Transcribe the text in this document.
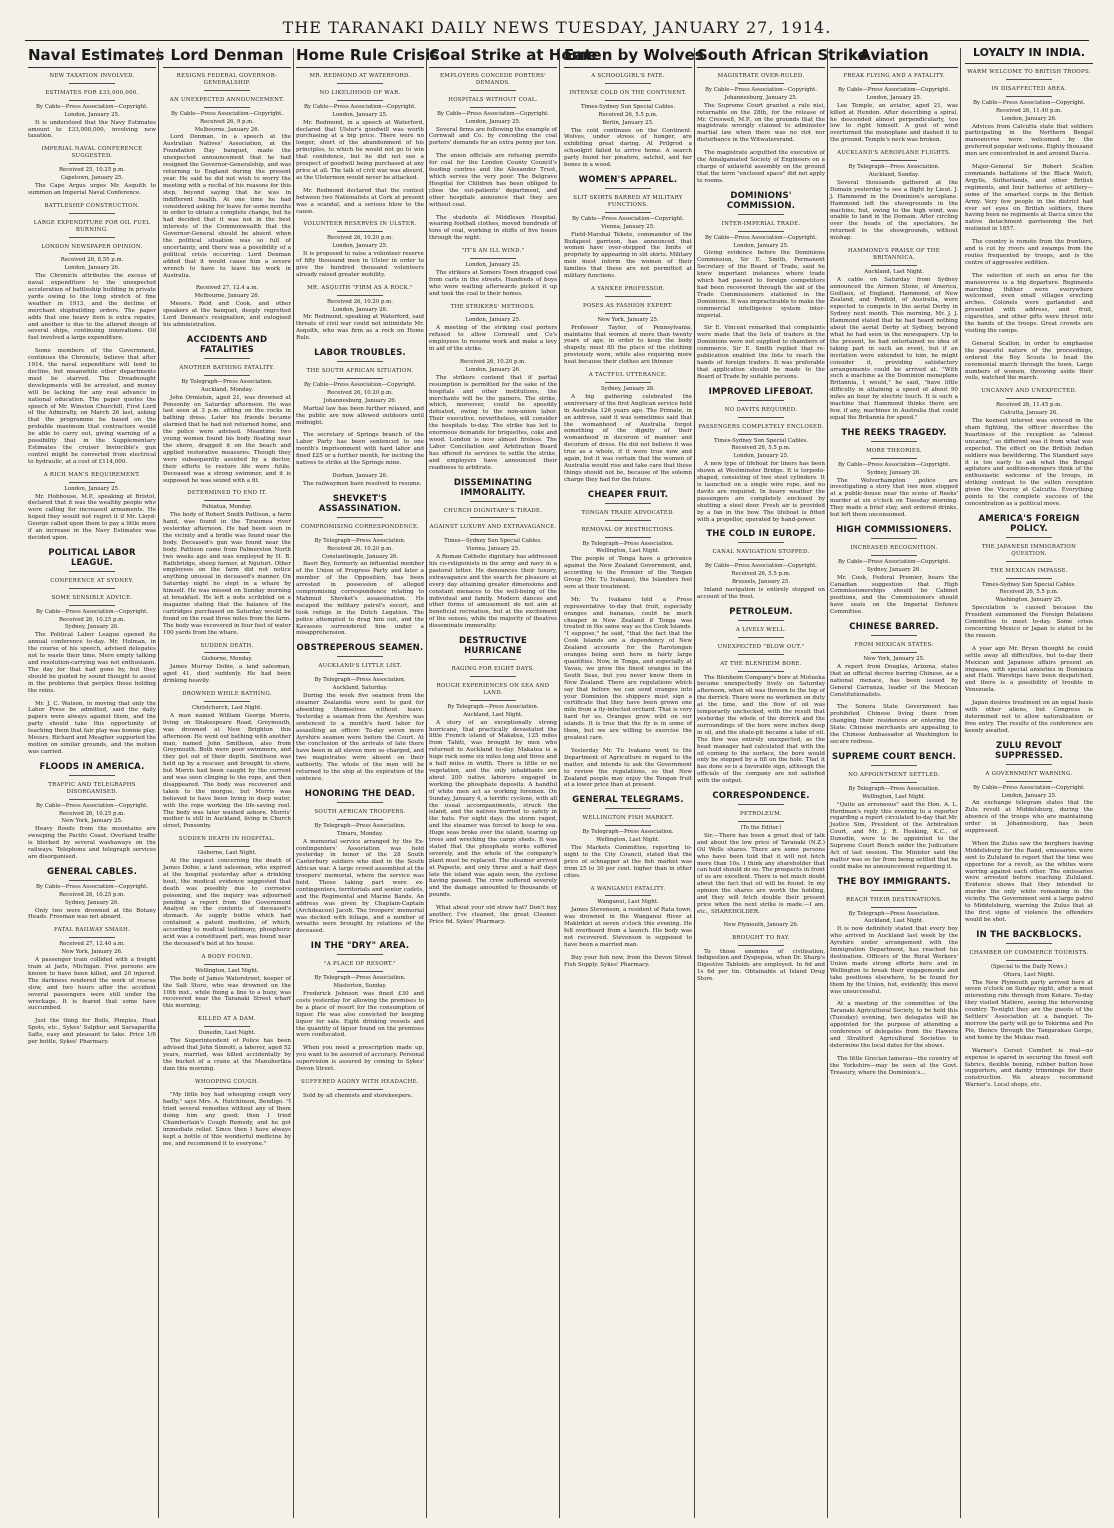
THE TARANAKI DAILY NEWS TUESDAY, JANUARY 27, 1914.
Naval Estimates
NEW TAXATION INVOLVED.
ESTIMATES FOR £33,000,000.
By Cable—Press Association—Copyright.
London, January 25.
It is understood that the Navy Estimates amount to £33,000,000, involving new taxation.
IMPERIAL NAVAL CONFERENCE SUGGESTED.
Received 25, 10.25 p.m.
Capetown, January 25.
The Cape Argus urges Mr. Asquith to summon an Imperial Naval Conference.
BATTLESHIP CONSTRUCTION.
LARGE EXPENDITURE FOR OIL FUEL BURNING.
LONDON NEWSPAPER OPINION.
Received 26, 8.55 p.m.
London, January 26.
The Chronicle attributes the excess of naval expenditure to the unexpected acceleration of battleship building in private yards owing to the long stretch of fine weather in 1913, and the decline of merchant shipbuilding orders. The paper adds that one heavy item is extra repairs, and another is due to the altered design of several ships, continuing innovations. Oil fuel involved a large expenditure.
Some members of the Government, continues the Chronicle, believe that after 1914, the naval expenditure will tend to decline, but meanwhile other departments must be starved. The Dreadnought developments will be arrested, and money will be lacking for any real advance in national education. The paper quotes the speech of Mr. Winston Churchill, First Lord of the Admiralty, on March 26 last, asking that the programme be based on the probable maximum that contractors would be able to carry out, giving warning of a possibility that in the Supplementary Estimates the cruiser Invincible's gun control might be converted from electrical to hydraulic, at a cost of £114,000.
A RICH MAN'S REQUIREMENT.
London, January 25.
Mr. Hobhouse, M.P., speaking at Bristol, declared that it was the wealthy people who were calling for increased armaments. He hoped they would not regret it if Mr. Lloyd-George called upon them to pay a little more if an increase in the Navy Estimates was decided upon.
POLITICAL LABOR LEAGUE.
CONFERENCE AT SYDNEY.
SOME SENSIBLE ADVICE.
By Cable—Press Association—Copyright.
Received 26, 10.25 p.m.
Sydney, January 26.
The Political Labor League opened its annual conference to-day. Mr. Holman, in the course of his speech, advised delegates not to waste their time. Mere empty talking and resolution-carrying was not enthusiasm. The day for that had gone by, but they should be guided by sound thought to assist in the problems that perplex those holding the reins.
Mr. J. C. Watson, in moving that only the Labor Press be admitted, said the daily papers were always against them, and the party should take this opportunity of teaching them that fair play was bonnie play. Messrs. Richard and Meagher supported the motion on similar grounds, and the motion was carried.
FLOODS IN AMERICA.
TRAFFIC AND TELEGRAPHS DISORGANISED.
By Cable—Press Association—Copyright.
Received 26, 10.25 p.m.
New York, January 25.
Heavy floods from the mountains are sweeping the Pacific Coast. Overland traffic is blocked by several washaways on the railways. Telephone and telegraph services are disorganised.
GENERAL CABLES.
By Cable—Press Association—Copyright.
Received 26, 10.25 p.m.
Sydney, January 26.
Only two were drowned at the Botany Heads. Freeman was not aboard.
FATAL RAILWAY SMASH.
Received 27, 12.40 a.m.
New York, January 26.
A passenger train collided with a freight train at Jarls, Michigan. Five persons are known to have been killed, and 20 injured. The darkness rendered the work of rescue slow, and two hours after the accident several passengers were still under the wreckage. It is feared that some have succumbed.
Just the thing for Boils, Pimples, Heat Spots, etc., Sykes' Sulphur and Sarsaparilla Salts, easy and pleasant to take. Price 1/6 per bottle, Sykes' Pharmacy.
Lord Denman
RESIGNS FEDERAL GOVERNOR-GENERALSHIP.
AN UNEXPECTED ANNOUNCEMENT.
By Cable—Press Association—Copyright.
Received 26, 9 p.m.
Melbourne, January 26.
Lord Denman, in a speech at the Australian Natives' Association, at the Foundation Day banquet, made the unexpected announcement that he had resigned the Governor-Generalship, and was returning to England during the present year. He said he did not wish to worry the meeting with a recital of his reasons for this step, beyond saying that he was in indifferent health. At one time he had considered asking for leave for some months in order to obtain a complete change, but he had decided that it was not in the best interests of the Commonwealth that the Governor-General should be absent when the political situation was so full of uncertainty, and there was a possibility of a political crisis occurring. Lord Denman added that it would cause him a severe wrench to have to leave his work in Australia.
Received 27, 12.4 a.m.
Melbourne, January 26.
Messrs. Reid and Cook, and other speakers at the banquet, deeply regretted Lord Denman's resignation, and eulogised his administration.
ACCIDENTS AND FATALITIES
ANOTHER BATHING FATALITY.
By Telegraph—Press Association.
Auckland, Monday.
John Ormiston, aged 21, was drowned at Ponsonby on Saturday afternoon. He was last seen at 3 p.m. sitting on the rocks in bathing dress. Later his friends became alarmed that he had not returned home, and the police were advised. Meantime two young women found his body floating near the shore, dragged it on the beach and applied restorative measures. Though they were subsequently assisted by a doctor, their efforts to restore life were futile. Deceased was a strong swimmer, and it is supposed he was seized with a fit.
DETERMINED TO END IT.
Pahiatua, Monday.
The body of Robert Smith Pattison, a farm hand, was found in the Tiraumea river yesterday afternoon. He had been seen in the vicinity and a bridle was found near the body. Deceased's gun was found near the body. Pattison came from Palmerston North two weeks ago and was employed by H. B. Rathbridge, sheep farmer, at Nguturi. Other employees on the farm did not notice anything unusual in deceased's manner. On Saturday night he slept in a whare by himself. He was missed on Sunday morning at breakfast. He left a note scribbled on a magazine stating that the balance of the cartridges purchased on Saturday would be found on the road three miles from the farm. The body was recovered in four feet of water 100 yards from the whare.
SUDDEN DEATH.
Gisborne, Monday.
James Murray Dobie, a land salesman, aged 41, died suddenly. He had been drinking heavily.
DROWNED WHILE BATHING.
Christchurch, Last Night.
A man named William George Morris, living on Shakespeare Road, Greymouth, was drowned at New Brighton this afternoon. He went out bathing with another man, named John Smithson, also from Greymouth. Both were poor swimmers, and they got out of their depth. Smithson was held up by a rescuer, and brought to shore, but Morris had been caught by the current and was seen clinging to the rope, and then disappeared. The body was recovered and taken to the morgue, but Morris was believed to have been living in deep water, with the rope working the life-saving reel. The body was later washed ashore. Morris' mother is still in Auckland, living in Church street, Ponsonby.
SUDDEN DEATH IN HOSPITAL.
Gisborne, Last Night.
At the inquest concerning the death of James Dobie, a land salesman, who expired at the hospital yesterday after a drinking bout, the medical evidence suggested that death was possibly due to corrosive poisoning, and the inquiry was adjourned pending a report from the Government Analyst on the contents of deceased's stomach. As supply bottle which had contained a patent medicine, of which, according to medical testimony, phosphoric acid was a constituent part, was found near the deceased's bed at his house.
A BODY FOUND.
Wellington, Last Night.
The body of James Waterstreet, keeper of the Salt Store, who was drowned on the 10th inst., while fixing a line to a buoy, was recovered near the Taranaki Street wharf this morning.
KILLED AT A DAM.
Dunedin, Last Night.
The Superintendent of Police has been advised that John Sinnott, a laborer, aged 52 years, married, was killed accidentally by the bucket of a crane at the Manuherikia dam this morning.
WHOOPING COUGH.
"My little boy had whooping cough very badly," says Mrs. A. Hutchinson, Bendigo. "I tried several remedies without any of them doing him any good; then I tried Chamberlain's Cough Remedy, and he got immediate relief. Since then I have always kept a bottle of this wonderful medicine by me, and recommend it to everyone."
Home Rule Crisis
MR. REDMOND AT WATERFORD.
NO LIKELIHOOD OF WAR.
By Cable—Press Association—Copyright.
London, January 25.
Mr. Redmond, in a speech at Waterford, declared that Ulster's goodwill was worth purchasing at a big price. There were no longer, short of the abandonment of his principles, to which he would not go to win that confidence, but he did not see a prospect of goodwill being purchased at any price at all. The talk of civil war was absurd, as the Ulstermen would never be attacked.
Mr. Redmond declared that the contest between two Nationalists at Cork at present was a scandal, and a serious blow to the cause.
VOLUNTEER RESERVES IN ULSTER.
Received 26, 10.20 p.m.
London, January 25.
It is proposed to raise a volunteer reserve of fifty thousand men in Ulster in order to give the hundred thousand volunteers already raised greater mobility.
MR. ASQUITH "FIRM AS A ROCK."
Received 26, 10.20 p.m.
London, January 26.
Mr. Redmond, speaking at Waterford, said threats of civil war could not intimidate Mr. Asquith, who was firm as a rock on Home Rule.
LABOR TROUBLES.
THE SOUTH AFRICAN SITUATION.
By Cable—Press Association—Copyright.
Received 26, 10.20 p.m.
Johannesburg, January 26.
Martial law has been further relaxed, and the public are now allowed outdoors until midnight.
The secretary of Springs branch of the Labor Party has been sentenced to one month's imprisonment with hard labor and fined £25 or a further month, for inciting the natives to strike at the Springs mine.
Durban, January 26.
The railwaymen have resolved to resume.
SHEVKET'S ASSASSINATION.
COMPROMISING CORRESPONDENCE.
By Telegraph—Press Association.
Received 26, 10.20 p.m.
Constantinople, January 26.
Basri Bey, formerly an influential member of the Union of Progress Party and later a member of the Opposition, has been arrested in possession of alleged compromising correspondence relating to Mahmud Shevket's assassination. He escaped the military patrol's escort, and took refuge in the Dutch Legation. The police attempted to drag him out, and the Kavasses surrendered him under a misapprehension.
OBSTREPEROUS SEAMEN.
AUCKLAND'S LITTLE LIST.
By Telegraph—Press Association.
Auckland, Saturday.
During the week five seamen from the steamer Zealandia were sent to gaol for absenting themselves without leave. Yesterday a seaman from the Ayrshire was sentenced to a month's hard labor for assaulting an officer. To-day seven more Ayrshire seamen were before the Court. At the conclusion of the arrivals of late there have been in all eleven men so charged, and two magistrates were absent on their authority. The whole of the men will be returned to the ship at the expiration of the sentence.
HONORING THE DEAD.
SOUTH AFRICAN TROOPERS.
By Telegraph—Press Association.
Timaru, Monday.
A memorial service arranged by the Ex-contingenters' Association was held yesterday in honor of the 28 South Canterbury soldiers who died in the South African war. A large crowd assembled at the troopers' memorial, where the service was held. Those taking part were ex-contingenters, territorials and senior cadets, and the Regimental and Marine Bands. An address was given by Chaplain-Captain (Archdeacon) Jacob. The troopers' memorial was decked with foliage, and a number of wreaths were brought by relations of the deceased.
IN THE "DRY" AREA.
"A PLACE OF RESORT."
By Telegraph—Press Association.
Masterton, Sunday.
Frederick Johnson was fined £30 and costs yesterday for allowing the premises to be a place of resort for the consumption of liquor. He was also convicted for keeping liquor for sale. Eight drinking vessels and the quantity of liquor found on the premises were confiscated.
When you need a prescription made up, you want to be assured of accuracy. Personal supervision is assured by coming to Sykes' Devon Street.
SUFFERED AGONY WITH HEADACHE.
Sold by all chemists and storekeepers.
Coal Strike at Home
EMPLOYERS CONCEDE PORTERS' DEMANDS.
HOSPITALS WITHOUT COAL.
By Cable—Press Association—Copyright.
London, January 25.
Several firms are following the example of Cornwall and Co. by conceding the coal porters' demands for an extra penny per ton.
The union officials are refusing permits for coal for the London County Council's feeding centres and the Alexander Trust, which serves the very poor. The Belgrave Hospital for Children has been obliged to close the out-patients' department, and other hospitals announce that they are without coal.
The students at Middlesex Hospital, wearing football clothes, moved hundreds of tons of coal, working in shifts of five hours through the night.
"IT'S AN ILL WIND."
London, January 25.
The strikers at Somers Town dragged coal from carts in the streets. Hundreds of boys who were waiting afterwards picked it up and took the coal to their homes.
THE STRIKERS' METHODS.
London, January 25.
A meeting of the striking coal porters refused to allow Cornwall and Co's employees to resume work and make a levy in aid of the strike.
Received 26, 10.20 p.m.
London, January 26.
The strikers contend that if partial resumption is permitted for the sake of the hospitals and other institutions, the merchants will be the gainers. The strike, which, moreover, could be speedily defeated, owing to the non-union labor. Their executive, nevertheless, will consider the hospitals to-day. The strike has led to enormous demands for briquettes, coke and wood. London is now almost fireless. The Labor Conciliation and Arbitration Board has offered its services to settle the strike, and employers have announced their readiness to arbitrate.
DISSEMINATING IMMORALITY.
CHURCH DIGNITARY'S TIRADE.
AGAINST LUXURY AND EXTRAVAGANCE.
Times—Sydney Sun Special Cables.
Vienna, January 25.
A Roman Catholic dignitary has addressed his co-religionists in the army and navy in a pastoral letter. He denounces their luxury, extravagance and the search for pleasure at every day attaining greater dimensions and constant menaces to the well-being of the individual and family. Modern dances and other forms of amusement do not aim at beneficial recreation, but at the excitement of the senses, while the majority of theatres disseminate immorality.
DESTRUCTIVE HURRICANE
RAGING FOR EIGHT DAYS.
ROUGH EXPERIENCES ON SEA AND LAND.
By Telegraph—Press Association.
Auckland, Last Night.
A story of an exceptionally strong hurricane, that practically devastated the little French island of Makatea, 125 miles from Tahiti, was brought by men who returned to Auckland to-day. Makatea is a huge rock some six miles long and three and a half miles in width. There is little or no vegetation, and the only inhabitants are about 200 native laborers engaged in working the phosphate deposits. A handful of white men act as working foremen. On Sunday, January 4, a terrific cyclone, with all the usual accompaniments, struck the island, and the natives hurried to safety in the huts. For eight days the storm raged, and the steamer was forced to keep to sea. Huge seas broke over the island, tearing up trees and wrecking the cargo sheds. It was stated that the phosphate works suffered severely, and the whole of the company's plant must be replaced. The steamer arrived at Papeete, and only three and a half days late the island was again seen, the cyclone having passed. The crew suffered severely and the damage amounted to thousands of pounds.
What about your old straw hat? Don't buy another, I've cleaned, the great Cleaner. Price 6d. Sykes' Pharmacy.
Eaten by Wolves
A SCHOOLGIRL'S FATE.
INTENSE COLD ON THE CONTINENT.
Times-Sydney Sun Special Cables.
Received 26, 5.5 p.m.
Berlin, January 25.
The cold continues on the Continent. Wolves, under stress of hunger, are exhibiting great daring. At Prilgrod a schoolgirl failed to arrive home. A search party found her pinafore, satchel, and her bones in a wood.
WOMEN'S APPAREL.
SLIT SKIRTS BARRED AT MILITARY FUNCTIONS.
By Cable—Press Association—Copyright.
Vienna, January 25.
Field-Marshal Tekete, commander of the Budapest garrison, has announced that women have over-stepped the limits of propriety by appearing in slit skirts. Military men must inform the women of their families that these are not permitted at military functions.
A YANKEE PROFESSOR.
POSES AS FASHION EXPERT.
New York, January 25.
Professor Taylor, of Pennsylvania, maintains that women at more than twenty years of age, in order to keep the body shapely, must fill the place of the clothing previously worn, while also requiring more heat because their clothes are thinner.
A TACTFUL UTTERANCE.
Sydney, January 26.
A big gathering celebrated the anniversary of the first Anglican service held in Australia 126 years ago. The Primate, in an address, said it was sometimes said that the womanhood of Australia forgot something of the dignity of their womanhood in decorum of manner and decorum of dress. He did not believe it was true as a whole, if it were true now and again, but it was certain that the women of Australia would rise and take care that these things should not be, because of the solemn charge they had for the future.
CHEAPER FRUIT.
TONGAN TRADE ADVOCATED.
REMOVAL OF RESTRICTIONS.
By Telegraph—Press Association.
Wellington, Last Night.
The people of Tonga have a grievance against the New Zealand Government, and, according to the Premier of the Tongan Group (Mr. Tu Ivakano), the Islanders feel sore at their treatment.
Mr. Tu Ivakano told a Press representative to-day that fruit, especially oranges and bananas, could be much cheaper in New Zealand if Tonga was treated in the same way as the Cook Islands. "I suppose," he said, "that the fact that the Cook Islands are a dependency of New Zealand accounts for the Rarotongan oranges being sent here in fairly large quantities. Now, in Tonga, and especially at Vavau, we grow the finest oranges in the South Seas, but you never know them in New Zealand. There are regulations which say that before we can send oranges into your Dominion the shippers must sign a certificate that they have been grown one mile from a fly-infected orchard. That is very hard for us. Oranges grow wild on our islands. It is true that the fly is in some of them, but we are willing to exercise the greatest care.
Yesterday Mr. Tu Ivakano went to the Department of Agriculture in regard to the matter, and intends to ask the Government to review the regulations, so that New Zealand people may enjoy the Tongan fruit at a lower price than at present.
GENERAL TELEGRAMS.
WELLINGTON FISH MARKET.
By Telegraph—Press Association.
Wellington, Last Night.
The Markets Committee, reporting to-night to the City Council, stated that the price of schnapper at the fish market was from 25 to 30 per cent. higher than in other cities.
A WANGANUI FATALITY.
Wanganui, Last Night.
James Stevenson, a resident of Rata town, was drowned in the Wanganui River at Makirikiri at seven o'clock this evening. He fell overboard from a launch. His body was not recovered. Stevenson is supposed to have been a married man.
Buy your fish now, from the Devon Street Fish Supply. Sykes' Pharmacy.
South African Strike
MAGISTRATE OVER-RULED.
By Cable—Press Association—Copyright.
Johannesburg, January 25.
The Supreme Court granted a rule nisi, returnable on the 28th, for the release of Mr. Creswell, M.P., on the grounds that the magistrate wrongly claimed to administer martial law when there was no riot nor disturbance in the Witwatersrand.
The magistrate acquitted the executive of the Amalgamated Society of Engineers on a charge of unlawful assembly on the ground that the term "enclosed space" did not apply to rooms.
DOMINIONS' COMMISSION.
INTER-IMPERIAL TRADE.
By Cable—Press Association—Copyright.
London, January 25.
Giving evidence before the Dominions Commission, Sir E. Smith, Permanent Secretary of the Board of Trade, said he knew important instances where trade which had passed to foreign competitors had been recovered through the aid of the Trade Commissioners stationed in the Dominions. It was impracticable to make the commercial intelligence system inter-imperial.
Sir E. Vincent remarked that complaints were made that the lists of traders in the Dominions were not supplied to chambers of commerce. Sir E. Smith replied that re-publication enabled the lists to reach the hands of foreign traders. It was preferable that application should be made to the Board of Trade by suitable persons.
IMPROVED LIFEBOAT.
NO DAVITS REQUIRED.
PASSENGERS COMPLETELY ENCLOSED.
Times-Sydney Sun Special Cables.
Received 26, 5.5 p.m.
London, January 25.
A new type of lifeboat for liners has been shown at Westminster Bridge. It is torpedo-shaped, consisting of two steel cylinders. It is launched on a single wire rope, and no davits are required. In heavy weather the passengers are completely enclosed by shutting a steel door. Fresh air is provided by a fan in the bow. The lifeboat is fitted with a propellor, operated by hand-power.
THE COLD IN EUROPE.
CANAL NAVIGATION STOPPED.
By Cable—Press Association—Copyright.
Received 26, 5.5 p.m.
Brussels, January 25.
Inland navigation is entirely stopped on account of the frost.
PETROLEUM.
A LIVELY WELL.
UNEXPECTED "BLOW OUT."
AT THE BLENHEIM BORE.
The Blenheim Company's bore at Motueka became unexpectedly lively on Saturday afternoon, when oil was thrown to the top of the derrick. There were no workmen on duty at the time, and the flow of oil was temporarily unchecked, with the result that yesterday the whole of the derrick and the surroundings of the bore were inches deep in oil, and the shale-pit became a lake of oil. The flow was entirely unexpected, as the head manager had calculated that with the oil coming to the surface, the bore would only be stopped by a fill on the hole. That it has done so is a favorable sign, although the officials of the company are not satisfied with the output.
CORRESPONDENCE.
PETROLEUM.
(To the Editor.)
Sir,—There has been a great deal of talk and about the low price of Taranaki (N.Z.) Oil Wells shares. There are some persons who have been told that it will not fetch more than 10s. I think any shareholder that can hold should do so. The prospects in front of us are excellent. There is not much doubt about the fact that oil will be found. In my opinion the shares are worth the holding, and they will fetch double their present price when the next strike is made.—I am, etc., SHAREHOLDER.
New Plymouth, January 26.
BROUGHT TO BAY.
To those enemies of civilisation, Indigestion and Dyspepsia, when Dr. Sharp's Digestive Tabloids are employed. In 6d and 1s 6d per tin. Obtainable at Island Drug Store.
Aviation
FREAK FLYING AND A FATALITY.
By Cable—Press Association—Copyright.
London, January 25.
Lee Temple, an aviator, aged 21, was killed at Hendon. After describing a spiral, he descended almost perpendicularly, too low to right himself. A gust of wind overturned the monoplane and dashed it to the ground. Temple's neck was broken.
AUCKLAND'S AEROPLANE FLIGHTS.
By Telegraph—Press Association.
Auckland, Sunday.
Several thousands gathered at the Domain yesterday to see a flight by Lieut. J. J. Hammond in the Dominion's aeroplane. Hammond left the showgrounds in the machine, but, owing to the high wind, was unable to land in the Domain. After circling over the heads of the spectators, he returned to the showgrounds, without mishap.
HAMMOND'S PRAISE OF THE BRITANNICA.
Auckland, Last Night.
A cable on Saturday from Sydney announced the Airmen Stone, of America, Guillaux, of England, Hammond, of New Zealand, and Penfold, of Australia, were expected to compete in the aerial Derby in Sydney next month. This morning, Mr. J. J. Hammond stated that he had heard nothing about the aerial Derby at Sydney, beyond what he had seen in the newspapers. Up to the present, he had entertained no idea of taking part in such an event, but if an invitation were extended to him, he might consider it, providing satisfactory arrangements could be arrived at. "With such a machine as the Dominion monoplane Britannia, I would," he said, "have little difficulty in attaining a speed of about 90 miles an hour by electric touch. It is such a machine that Hammond thinks there are few, if any, machines in Australia that could equal the Britannia for speed."
THE REEKS TRAGEDY.
MORE THEORIES.
By Cable—Press Association—Copyright.
Sydney, January 26.
The Wolverhampton police are investigating a story that two men stopped at a public-house near the scene of Reeks' murder at six o'clock on Tuesday morning. They made a brief stay, and ordered drinks, but left them unconsumed.
HIGH COMMISSIONERS.
INCREASED RECOGNITION.
By Cable—Press Association—Copyright.
Sydney, January 26.
Mr. Cook, Federal Premier, hears the Canadian suggestion that High Commissionerships should be Cabinet positions, and the Commissioners should have seats on the Imperial Defence Committee.
CHINESE BARRED.
FROM MEXICAN STATES.
New York, January 25.
A report from Douglas, Arizona, states that an official decree barring Chinese, as a national menace, has been issued by General Carranza, leader of the Mexican Constitutionalists.
The Sonora State Government has prohibited Chinese living there from changing their residences or entering the State. Chinese merchants are appealing to the Chinese Ambassador at Washington to secure redress.
SUPREME COURT BENCH.
NO APPOINTMENT SETTLED.
By Telegraph—Press Association.
Wellington, Last Night.
"Quite an erroneous" said the Hon. A. L. Herdman's reply this evening to a reporter regarding a report circulated to-day that Mr. Justice Sim, President of the Arbitration Court, and Mr. J. R. Hosking, K.C., of Dunedin, were to be appointed to the Supreme Court Bench under the Judicature Act of last session. The Minister said the matter was so far from being settled that he could make no announcement regarding it.
THE BOY IMMIGRANTS.
REACH THEIR DESTINATIONS.
By Telegraph—Press Association.
Auckland, Last Night.
It is now definitely stated that every boy who arrived in Auckland last week by the Ayrshire under arrangement with the Immigration Department, has reached his destination. Officers of the Rural Workers' Union made strong efforts here and in Wellington to break their engagements and take positions elsewhere, to be found for them by the Union, but, evidently, this move was unsuccessful.
At a meeting of the committee of the Taranaki Agricultural Society, to be held this (Tuesday) evening, two delegates will be appointed for the purpose of attending a conference of delegates from the Hawera and Stratford Agricultural Societies to determine the local dates for the shows.
The little Grecian lamerau—the country of the Yorkshire—may be seen at the Govt. Treasury, where the Dominion's...
LOYALTY IN INDIA.
WARM WELCOME TO BRITISH TROOPS.
IN DISAFFECTED AREA.
By Cable—Press Association—Copyright.
Received 26, 11.40 p.m.
London, January 26.
Advices from Calcutta state that soldiers participating in the Northern Bengal manoeuvres were welcomed by the preferred popular welcome. Eighty thousand men are concentrated in and around Dacca.
Major-General Sir Robert Scallon commands battalions of the Black Watch, Argylls, Sutherlands, and other British regiments, and four batteries of artillery—some of the smartest corps in the British Army. Very few people in the district had ever set eyes on British soldiers, there having been no regiments at Dacca since the native detachment garrisoning the fort mutinied in 1857.
The country is remote from the frontiers, and is cut by rivers and swamps from the routes frequented by troops, and is the centre of aggressive sedition.
The selection of such an area for the manoeuvres is a big departure. Regiments marching thither were everywhere welcomed, even small villages erecting arches. Colonels were garlanded and presented with address, and fruit, cigarettes, and other gifts were thrust into the hands of the troops. Great crowds are visiting the camps.
General Scallon, in order to emphasise the peaceful nature of the proceedings, ordered the Boy Scouts to head the ceremonial march through the town. Large numbers of women, throwing aside their veils, watched the march.
UNCANNY AND UNEXPECTED.
Received 26, 11.45 p.m.
Calcutta, January 26.
The keenest interest was evinced in the sham fighting, the officer describes the heartiness of the reception as "almost uncanny," so different was it from what was expected. The effect on the British Indian soldiers was bewildering. The Standard says it is too early to ask what the Bengal agitators and sedition-mongers think of the enthusiastic welcome of the troops, in striking contrast to the sullen reception given the Viceroy at Calcutta. Everything points to the complete success of the concentration as a political move.
AMERICA'S FOREIGN POLICY.
THE JAPANESE IMMIGRATION QUESTION.
THE MEXICAN IMPASSE.
Times-Sydney Sun Special Cables.
Received 26, 5.5 p.m.
Washington, January 25.
Speculation is caused because the President summoned the Foreign Relations Committee to meet to-day. Some crisis concerning Mexico or Japan is stated to be the reason.
A year ago Mr. Bryan thought he could settle away all difficulties, but to-day their Mexican and Japanese affairs present an impasse, with special anxieties in Dominica and Haiti. Warships have been despatched, and there is a possibility of trouble in Venezuela.
Japan desires treatment on an equal basis with other aliens, but Congress is determined not to allow naturalisation or free entry. The results of the conference are keenly awaited.
ZULU REVOLT SUPPRESSED.
A GOVERNMENT WARNING.
By Cable—Press Association—Copyright.
London, January 25.
An exchange telegram states that the Zulu revolt at Middelsburg, during the absence of the troops who are maintaining order in Johannesburg, has been suppressed.
When the Zulus saw the burghers leaving Middelsburg for the Rand, emissaries were sent to Zululand to report that the time was opportune for a revolt, as the whites were warring against each other. The emissaries were arrested before reaching Zululand. Evidence shows that they intended to murder the only white remaining in the vicinity. The Government sent a large patrol to Middelsburg, warning the Zulus that at the first signs of violence the offenders would be shot.
IN THE BACKBLOCKS.
CHAMBER OF COMMERCE TOURISTS.
(Special to the Daily News.)
Ohura, Last Night.
The New Plymouth party arrived here at seven o'clock on Sunday night, after a most interesting ride through from Kotare. To-day they visited Matiere, seeing the intervening country. To-night they are the guests of the Settlers' Association at a banquet. To-morrow the party will go to Tokirima and Pio Pio, thence through the Tangarakau Gorge, and home by the Mokau road.
Warner's Corset Comfort is real—no expense is spared in securing the finest soft fabrics, flexible boning, rubber button hose supporters, and dainty trimmings for their construction. We always recommend Warner's. Local shops, etc.
